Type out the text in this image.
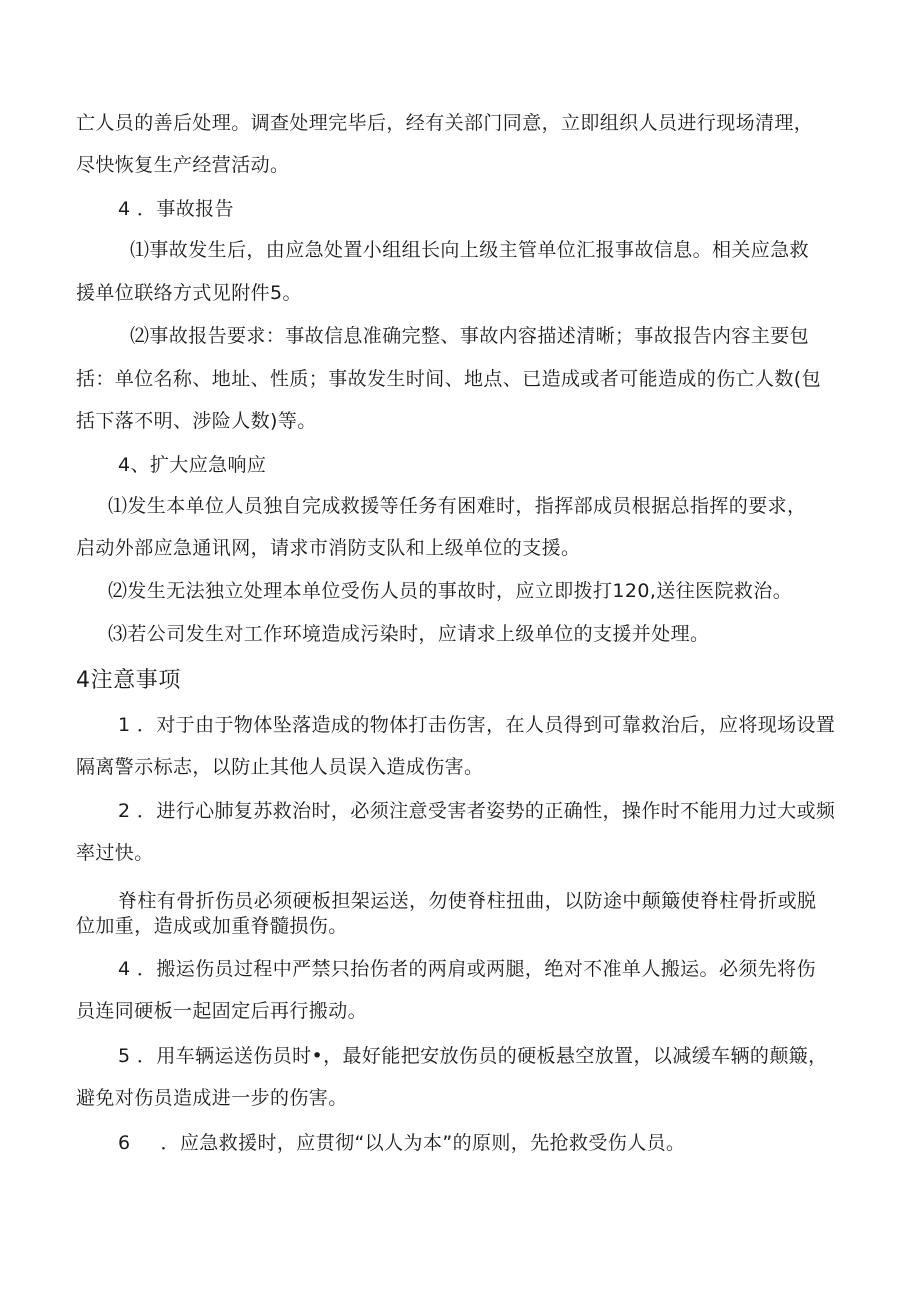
亡人员的善后处理。调查处理完毕后，经有关部门同意，立即组织人员进行现场清理，
尽快恢复生产经营活动。
4 ．事故报告
⑴事故发生后，由应急处置小组组长向上级主管单位汇报事故信息。相关应急救
援单位联络方式见附件5。
⑵事故报告要求：事故信息准确完整、事故内容描述清晰；事故报告内容主要包
括：单位名称、地址、性质；事故发生时间、地点、已造成或者可能造成的伤亡人数(包
括下落不明、涉险人数)等。
4、扩大应急响应
⑴发生本单位人员独自完成救援等任务有困难时，指挥部成员根据总指挥的要求，
启动外部应急通讯网，请求市消防支队和上级单位的支援。
⑵发生无法独立处理本单位受伤人员的事故时，应立即拨打120,送往医院救治。
⑶若公司发生对工作环境造成污染时，应请求上级单位的支援并处理。
4注意事项
1 ．对于由于物体坠落造成的物体打击伤害，在人员得到可靠救治后，应将现场设置
隔离警示标志，以防止其他人员误入造成伤害。
2 ．进行心肺复苏救治时，必须注意受害者姿势的正确性，操作时不能用力过大或频
率过快。
脊柱有骨折伤员必须硬板担架运送，勿使脊柱扭曲，以防途中颠簸使脊柱骨折或脱
位加重，造成或加重脊髓损伤。
4 ．搬运伤员过程中严禁只抬伤者的两肩或两腿，绝对不准单人搬运。必须先将伤
员连同硬板一起固定后再行搬动。
5 ．用车辆运送伤员时•，最好能把安放伤员的硬板悬空放置，以减缓车辆的颠簸，
避免对伤员造成进一步的伤害。
6 ．应急救援时，应贯彻“以人为本”的原则，先抢救受伤人员。
